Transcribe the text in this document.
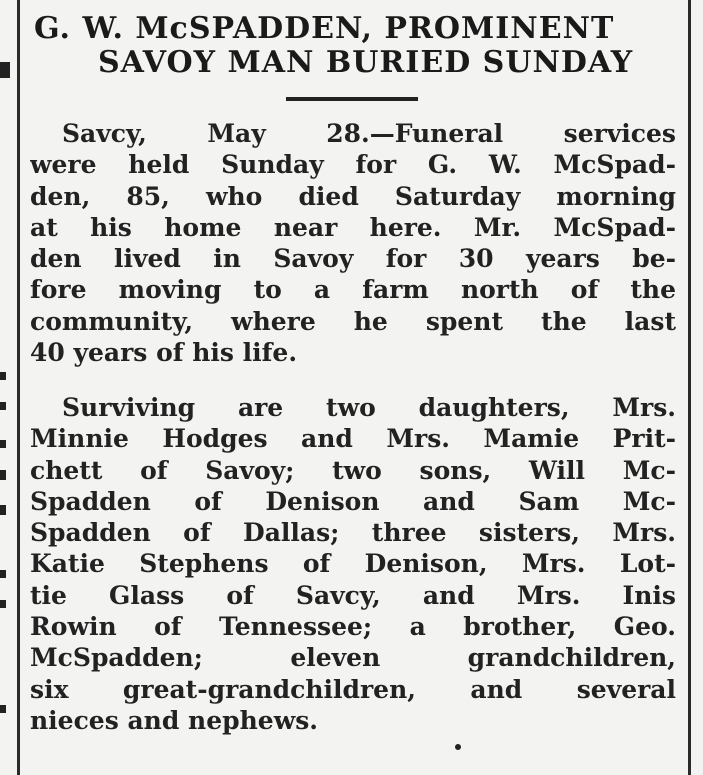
G. W. McSPADDEN, PROMINENT
SAVOY MAN BURIED SUNDAY
Savcy, May 28.—Funeral services
were held Sunday for G. W. McSpad-
den, 85, who died Saturday morning
at his home near here. Mr. McSpad-
den lived in Savoy for 30 years be-
fore moving to a farm north of the
community, where he spent the last
40 years of his life.
Surviving are two daughters, Mrs.
Minnie Hodges and Mrs. Mamie Prit-
chett of Savoy; two sons, Will Mc-
Spadden of Denison and Sam Mc-
Spadden of Dallas; three sisters, Mrs.
Katie Stephens of Denison, Mrs. Lot-
tie Glass of Savcy, and Mrs. Inis
Rowin of Tennessee; a brother, Geo.
McSpadden; eleven grandchildren,
six great-grandchildren, and several
nieces and nephews.
